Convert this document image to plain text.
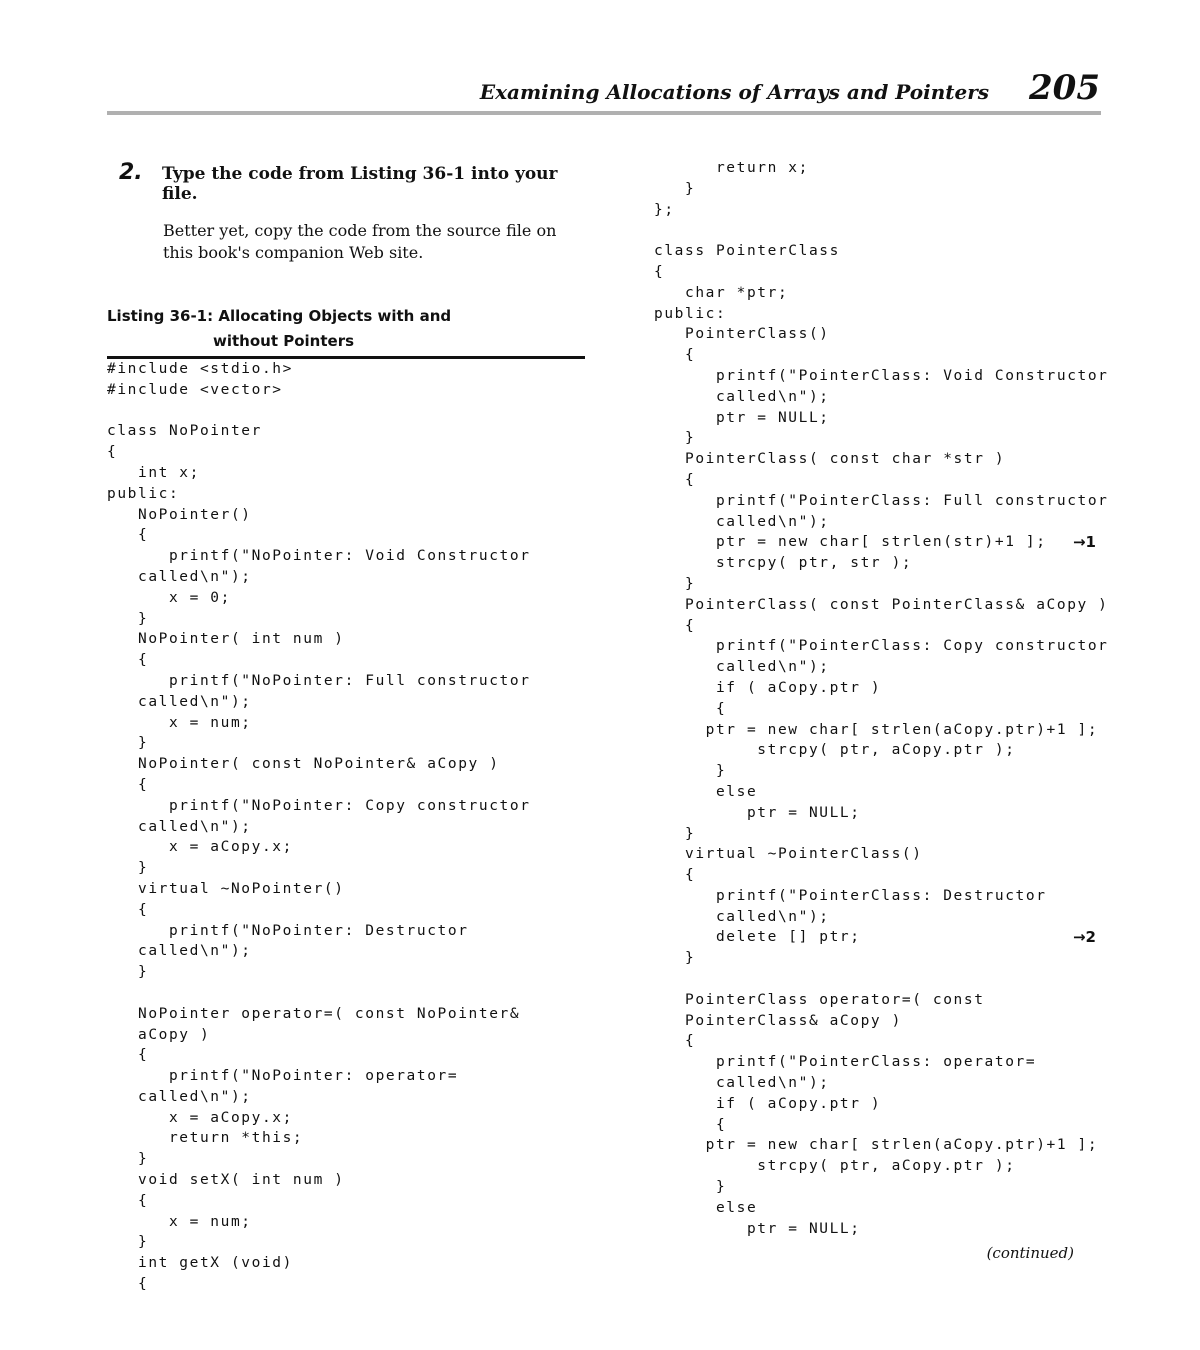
Examining Allocations of Arrays and Pointers 205
2.	Type the code from Listing 36-1 into your file.
Better yet, copy the code from the source file on this book's companion Web site.
Listing 36-1: Allocating Objects with and
without Pointers
#include <stdio.h>
#include <vector>

class NoPointer
{
int x;
public:
NoPointer()
{
printf("NoPointer: Void Constructor
called\n");
x = 0;
}
NoPointer( int num )
{
printf("NoPointer: Full constructor
called\n");
x = num;
}
NoPointer( const NoPointer& aCopy )
{
printf("NoPointer: Copy constructor
called\n");
x = aCopy.x;
}
virtual ~NoPointer()
{
printf("NoPointer: Destructor
called\n");
}

NoPointer operator=( const NoPointer&
aCopy )
{
printf("NoPointer: operator=
called\n");
x = aCopy.x;
return *this;
}
void setX( int num )
{
x = num;
}
int getX (void)
{
return x;
}
};

class PointerClass
{
char *ptr;
public:
PointerClass()
{
printf("PointerClass: Void Constructor
called\n");
ptr = NULL;
}
PointerClass( const char *str )
{
printf("PointerClass: Full constructor
called\n");
ptr = new char[ strlen(str)+1 ]; →1
strcpy( ptr, str );
}
PointerClass( const PointerClass& aCopy )
{
printf("PointerClass: Copy constructor
called\n");
if ( aCopy.ptr )
{
ptr = new char[ strlen(aCopy.ptr)+1 ];
strcpy( ptr, aCopy.ptr );
}
else
ptr = NULL;
}
virtual ~PointerClass()
{
printf("PointerClass: Destructor
called\n");
delete [] ptr;	→2
}

PointerClass operator=( const
PointerClass& aCopy )
{
printf("PointerClass: operator=
called\n");
if ( aCopy.ptr )
{
ptr = new char[ strlen(aCopy.ptr)+1 ];
strcpy( ptr, aCopy.ptr );
}
else
ptr = NULL;
(continued)
